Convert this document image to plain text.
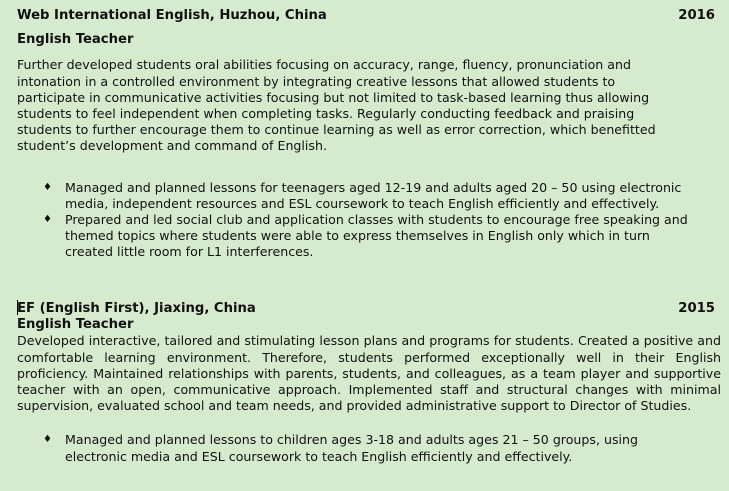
Web International English, Huzhou, China	2016
English Teacher

Further developed students oral abilities focusing on accuracy, range, fluency, pronunciation and intonation in a controlled environment by integrating creative lessons that allowed students to participate in communicative activities focusing but not limited to task-based learning thus allowing students to feel independent when completing tasks. Regularly conducting feedback and praising students to further encourage them to continue learning as well as error correction, which benefitted student’s development and command of English.

♦ Managed and planned lessons for teenagers aged 12-19 and adults aged 20 – 50 using electronic media, independent resources and ESL coursework to teach English efficiently and effectively.
♦ Prepared and led social club and application classes with students to encourage free speaking and themed topics where students were able to express themselves in English only which in turn created little room for L1 interferences.
EF (English First), Jiaxing, China	2015
English Teacher

Developed interactive, tailored and stimulating lesson plans and programs for students. Created a positive and comfortable learning environment. Therefore, students performed exceptionally well in their English proficiency. Maintained relationships with parents, students, and colleagues, as a team player and supportive teacher with an open, communicative approach. Implemented staff and structural changes with minimal supervision, evaluated school and team needs, and provided administrative support to Director of Studies.

♦ Managed and planned lessons to children ages 3-18 and adults ages 21 – 50 groups, using electronic media and ESL coursework to teach English efficiently and effectively.
